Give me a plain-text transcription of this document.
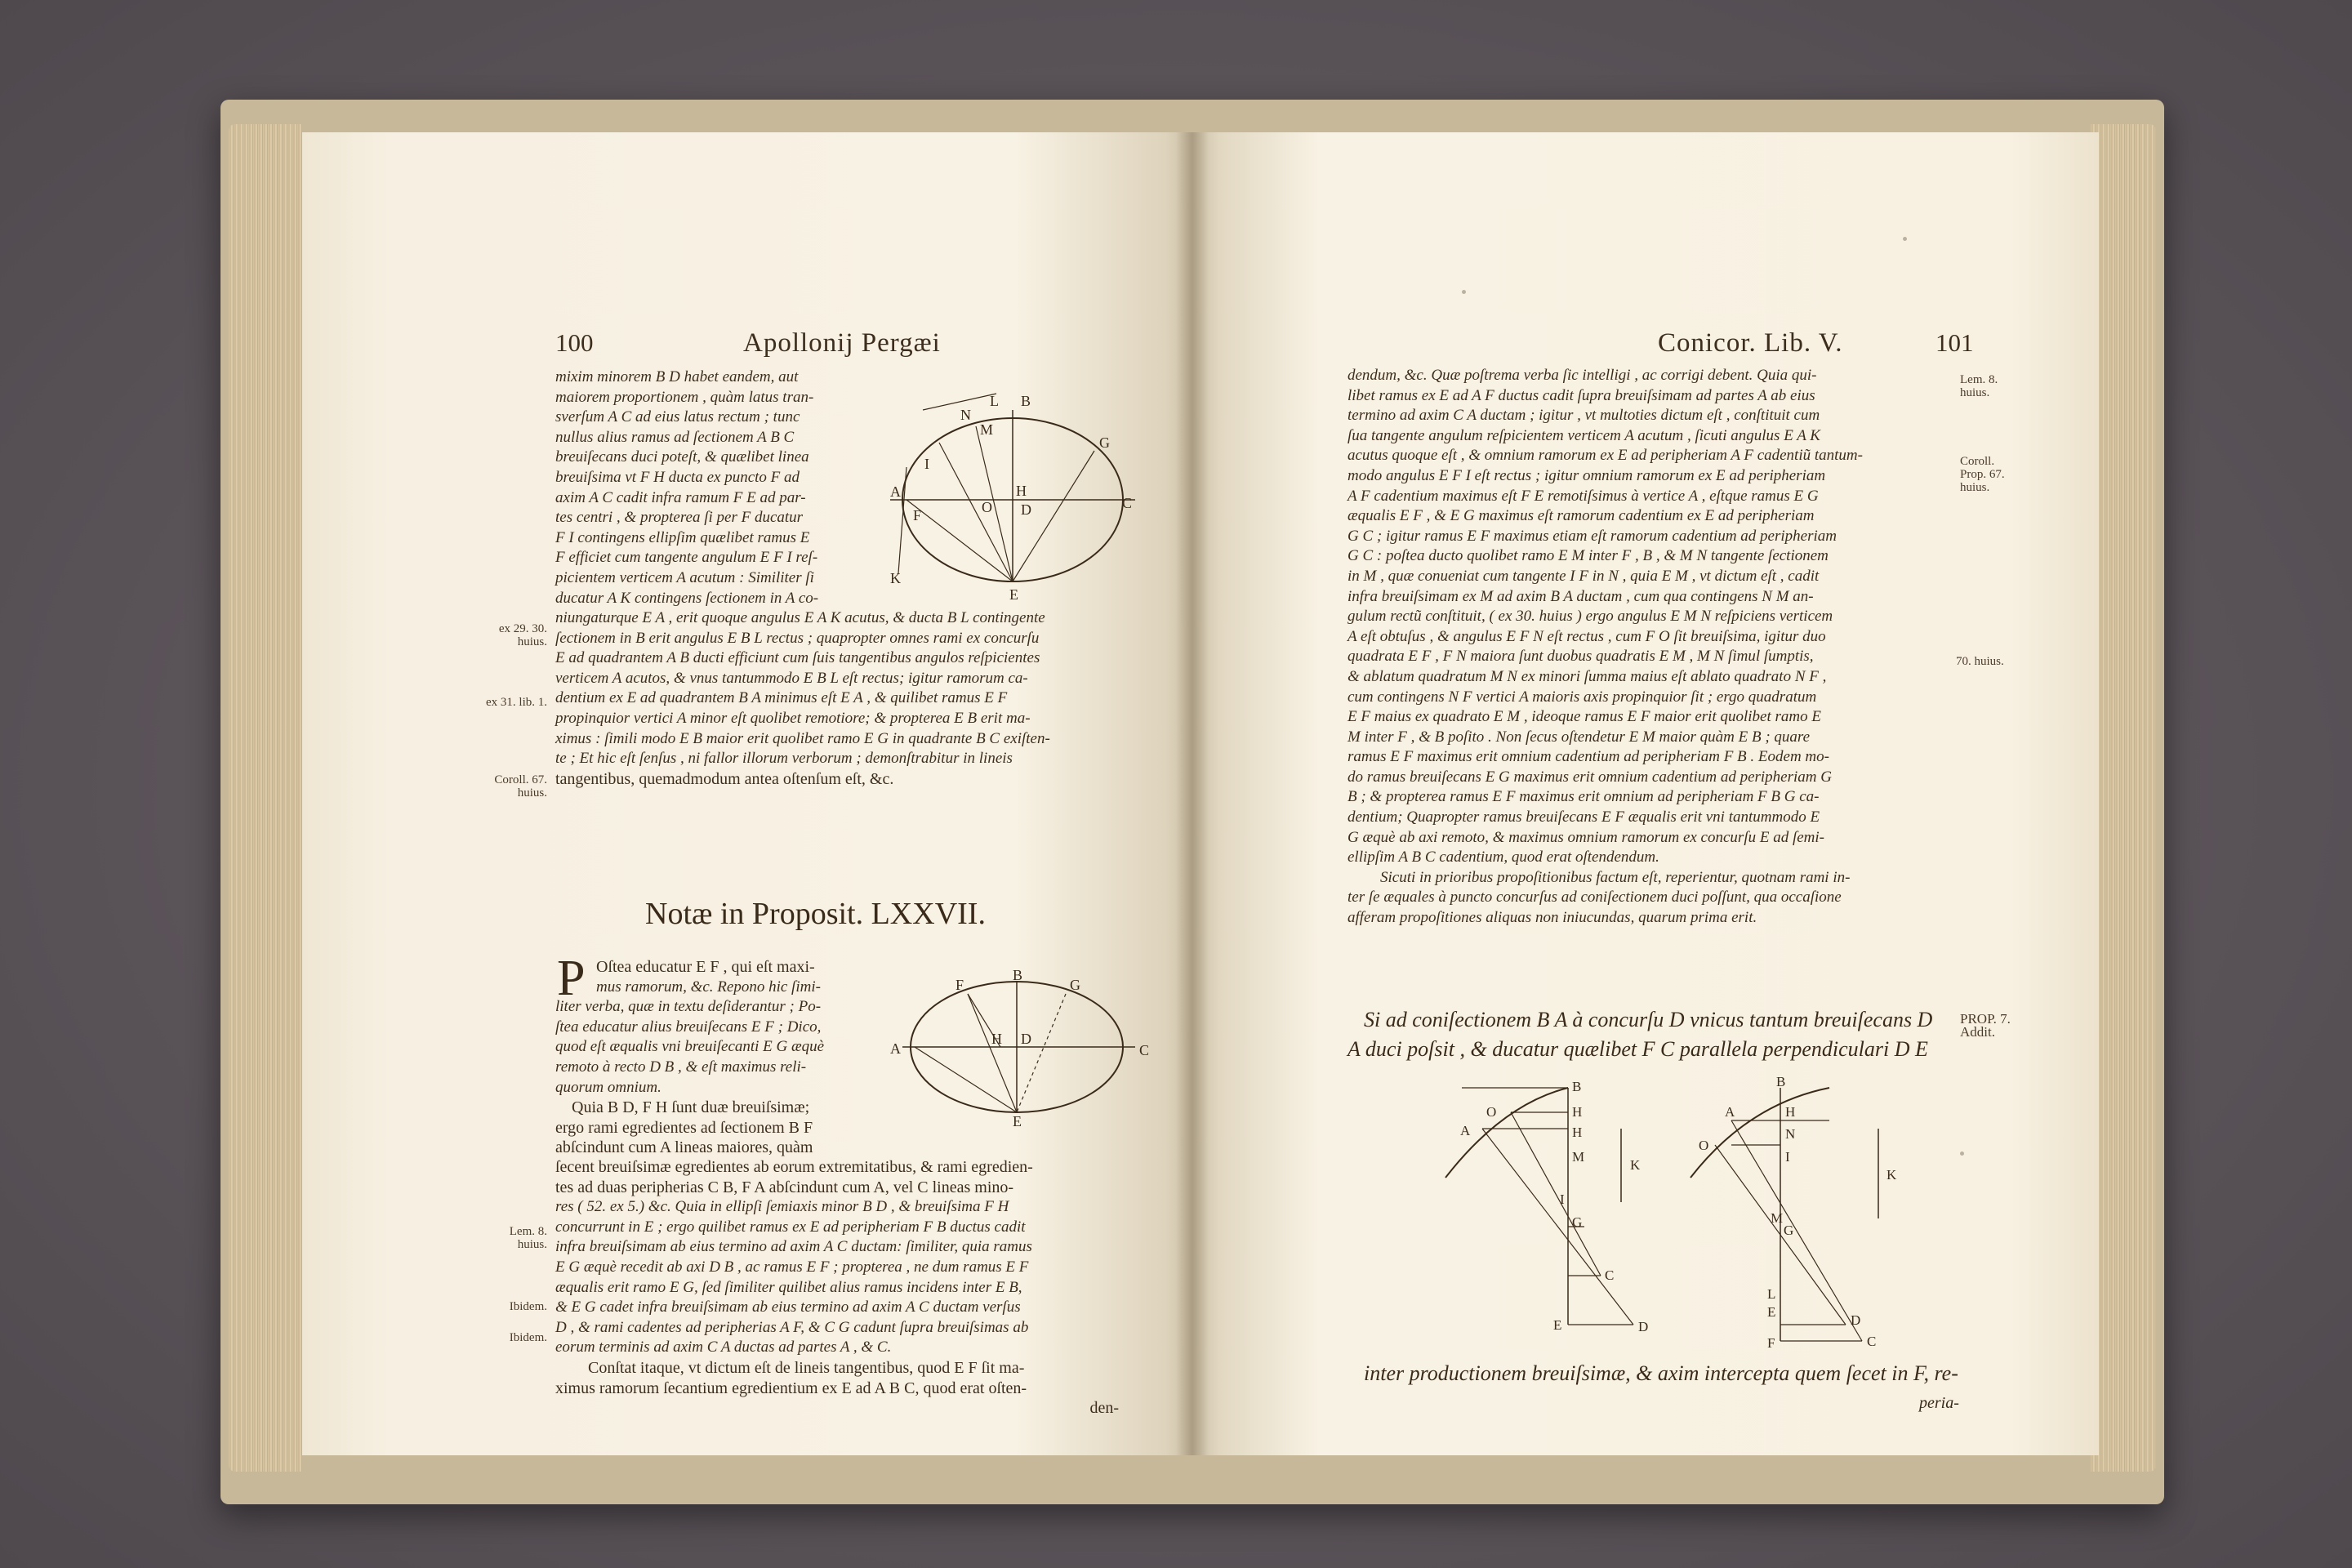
100	Apollonij Pergæi
mixim minorem B D habet eandem, aut
maiorem proportionem , quàm latus tran-
sverſum A C ad eius latus rectum ; tunc
nullus alius ramus ad ſectionem A B C
breuiſecans duci poteſt, & quælibet linea
breuiſsima vt F H ducta ex puncto F ad
axim A C cadit infra ramum F E ad par-
tes centri , & propterea ſi per F ducatur
F I contingens ellipſim quælibet ramus E
F efficiet cum tangente angulum E F I reſ-
picientem verticem A acutum : Similiter ſi
ducatur A K contingens ſectionem in A co-
N
L B
M
G
I
A	H
C
O D
F
K
E
niungaturque E A , erit quoque angulus E A K acutus, & ducta B L contingente
ſectionem in B erit angulus E B L rectus ; quapropter omnes rami ex concurſu
E ad quadrantem A B ducti efficiunt cum ſuis tangentibus angulos reſpicientes
verticem A acutos, & vnus tantummodo E B L eſt rectus; igitur ramorum ca-
dentium ex E ad quadrantem B A minimus eſt E A , & quilibet ramus E F
propinquior vertici A minor eſt quolibet remotiore; & propterea E B erit ma-
ximus : ſimili modo E B maior erit quolibet ramo E G in quadrante B C exiſten-
te ; Et hic eſt ſenſus , ni fallor illorum verborum ; demonſtrabitur in lineis
tangentibus, quemadmodum antea oſtenſum eſt, &c.
ex 29. 30. huius.
ex 31. lib. 1.
Coroll. 67. huius.
Notæ in Proposit. LXXVII.
P Oſtea educatur E F , qui eſt maxi-
mus ramorum, &c. Repono hic ſimi-
liter verba, quæ in textu deſiderantur ; Po-
ſtea educatur alius breuiſecans E F ; Dico,
quod eſt æqualis vni breuiſecanti E G æquè
remoto à recto D B , & eſt maximus reli-
quorum omnium.
Quia B D, F H ſunt duæ breuiſsimæ;
ergo rami egredientes ad ſectionem B F
abſcindunt cum A lineas maiores, quàm
F
B
G
A
H D
C
E
ſecent breuiſsimæ egredientes ab eorum extremitatibus, & rami egredien-
tes ad duas peripherias C B, F A abſcindunt cum A, vel C lineas mino-
res ( 52. ex 5.) &c. Quia in ellipſi ſemiaxis minor B D , & breuiſsima F H
concurrunt in E ; ergo quilibet ramus ex E ad peripheriam F B ductus cadit
infra breuiſsimam ab eius termino ad axim A C ductam: ſimiliter, quia ramus
E G æquè recedit ab axi D B , ac ramus E F ; propterea , ne dum ramus E F
æqualis erit ramo E G, ſed ſimiliter quilibet alius ramus incidens inter E B,
& E G cadet infra breuiſsimam ab eius termino ad axim A C ductam verſus
D , & rami cadentes ad peripherias A F, & C G cadunt ſupra breuiſsimas ab
eorum terminis ad axim C A ductas ad partes A , & C.
Conſtat itaque, vt dictum eſt de lineis tangentibus, quod E F ſit ma-
ximus ramorum ſecantium egredientium ex E ad A B C, quod erat oſten-
den-
Lem. 8. huius.
Ibidem.
Ibidem.
Conicor. Lib. V.	101
dendum, &c. Quæ poſtrema verba ſic intelligi , ac corrigi debent. Quia qui-
libet ramus ex E ad A F ductus cadit ſupra breuiſsimam ad partes A ab eius
termino ad axim C A ductam ; igitur , vt multoties dictum eſt , conſtituit cum
ſua tangente angulum reſpicientem verticem A acutum , ſicuti angulus E A K
acutus quoque eſt , & omnium ramorum ex E ad peripheriam A F cadentiũ tantum-
modo angulus E F I eſt rectus ; igitur omnium ramorum ex E ad peripheriam
A F cadentium maximus eſt F E remotiſsimus à vertice A , eſtque ramus E G
æqualis E F , & E G maximus eſt ramorum cadentium ex E ad peripheriam
G C ; igitur ramus E F maximus etiam eſt ramorum cadentium ad peripheriam
G C : poſtea ducto quolibet ramo E M inter F , B , & M N tangente ſectionem
in M , quæ conueniat cum tangente I F in N , quia E M , vt dictum eſt , cadit
infra breuiſsimam ex M ad axim B A ductam , cum qua contingens N M an-
gulum rectũ conſtituit, ( ex 30. huius ) ergo angulus E M N reſpiciens verticem
A eſt obtuſus , & angulus E F N eſt rectus , cum F O ſit breuiſsima, igitur duo
quadrata E F , F N maiora ſunt duobus quadratis E M , M N ſimul ſumptis,
& ablatum quadratum M N ex minori ſumma maius eſt ablato quadrato N F ,
cum contingens N F vertici A maioris axis propinquior ſit ; ergo quadratum
E F maius ex quadrato E M , ideoque ramus E F maior erit quolibet ramo E
M inter F , & B poſito . Non ſecus oſtendetur E M maior quàm E B ; quare
ramus E F maximus erit omnium cadentium ad peripheriam F B . Eodem mo-
do ramus breuiſecans E G maximus erit omnium cadentium ad peripheriam G
B ; & propterea ramus E F maximus erit omnium ad peripheriam F B G ca-
dentium; Quapropter ramus breuiſecans E F æqualis erit vni tantummodo E
G æquè ab axi remoto, & maximus omnium ramorum ex concurſu E ad ſemi-
ellipſim A B C cadentium, quod erat oſtendendum.
Sicuti in prioribus propoſitionibus factum eſt, reperientur, quotnam rami in-
ter ſe æquales à puncto concurſus ad coniſectionem duci poſſunt, qua occaſione
afferam propoſitiones aliquas non iniucundas, quarum prima erit.
Lem. 8. huius.
Coroll. Prop. 67. huius.
70. huius.
Si ad coniſectionem B A à concurſu D vnicus tantum breuiſecans D
A duci poſsit , & ducatur quælibet F C parallela perpendiculari D E
PROP. 7. Addit.
B
A
O	H
H
M
I
G
C
E	D
K
B
A
O
H
N
I
M
G
L
E
F
D
C
K
inter productionem breuiſsimæ, & axim intercepta quem ſecet in F, re-
peria-
